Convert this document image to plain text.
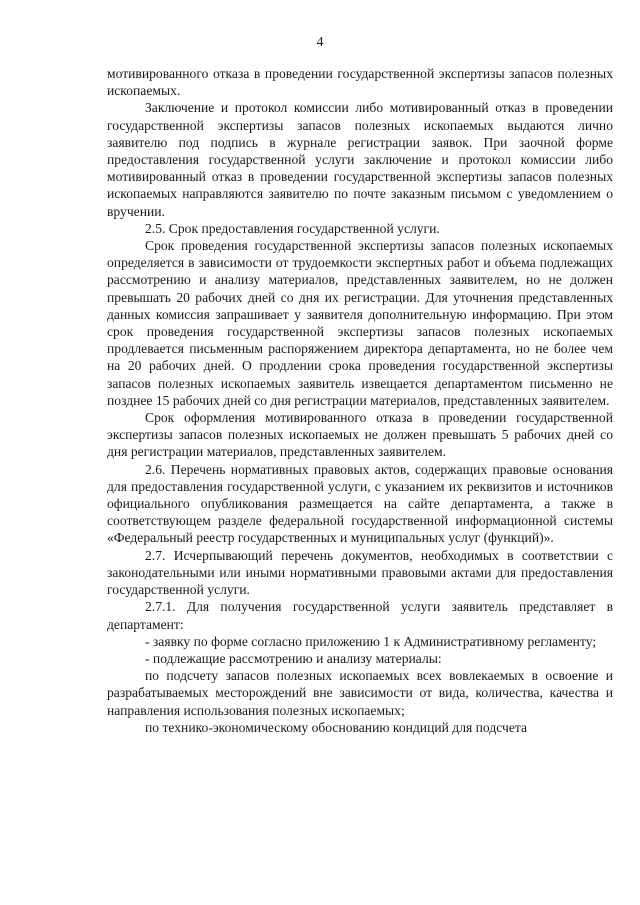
4

мотивированного отказа в проведении государственной экспертизы запасов полезных ископаемых.

Заключение и протокол комиссии либо мотивированный отказ в проведении государственной экспертизы запасов полезных ископаемых выдаются лично заявителю под подпись в журнале регистрации заявок. При заочной форме предоставления государственной услуги заключение и протокол комиссии либо мотивированный отказ в проведении государственной экспертизы запасов полезных ископаемых направляются заявителю по почте заказным письмом с уведомлением о вручении.

2.5. Срок предоставления государственной услуги.

Срок проведения государственной экспертизы запасов полезных ископаемых определяется в зависимости от трудоемкости экспертных работ и объема подлежащих рассмотрению и анализу материалов, представленных заявителем, но не должен превышать 20 рабочих дней со дня их регистрации. Для уточнения представленных данных комиссия запрашивает у заявителя дополнительную информацию. При этом срок проведения государственной экспертизы запасов полезных ископаемых продлевается письменным распоряжением директора департамента, но не более чем на 20 рабочих дней. О продлении срока проведения государственной экспертизы запасов полезных ископаемых заявитель извещается департаментом письменно не позднее 15 рабочих дней со дня регистрации материалов, представленных заявителем.

Срок оформления мотивированного отказа в проведении государственной экспертизы запасов полезных ископаемых не должен превышать 5 рабочих дней со дня регистрации материалов, представленных заявителем.

2.6. Перечень нормативных правовых актов, содержащих правовые основания для предоставления государственной услуги, с указанием их реквизитов и источников официального опубликования размещается на сайте департамента, а также в соответствующем разделе федеральной государственной информационной системы «Федеральный реестр государственных и муниципальных услуг (функций)».

2.7. Исчерпывающий перечень документов, необходимых в соответствии с законодательными или иными нормативными правовыми актами для предоставления государственной услуги.

2.7.1. Для получения государственной услуги заявитель представляет в департамент:

- заявку по форме согласно приложению 1 к Административному регламенту;

- подлежащие рассмотрению и анализу материалы:

по подсчету запасов полезных ископаемых всех вовлекаемых в освоение и разрабатываемых месторождений вне зависимости от вида, количества, качества и направления использования полезных ископаемых;

по технико-экономическому обоснованию кондиций для подсчета
